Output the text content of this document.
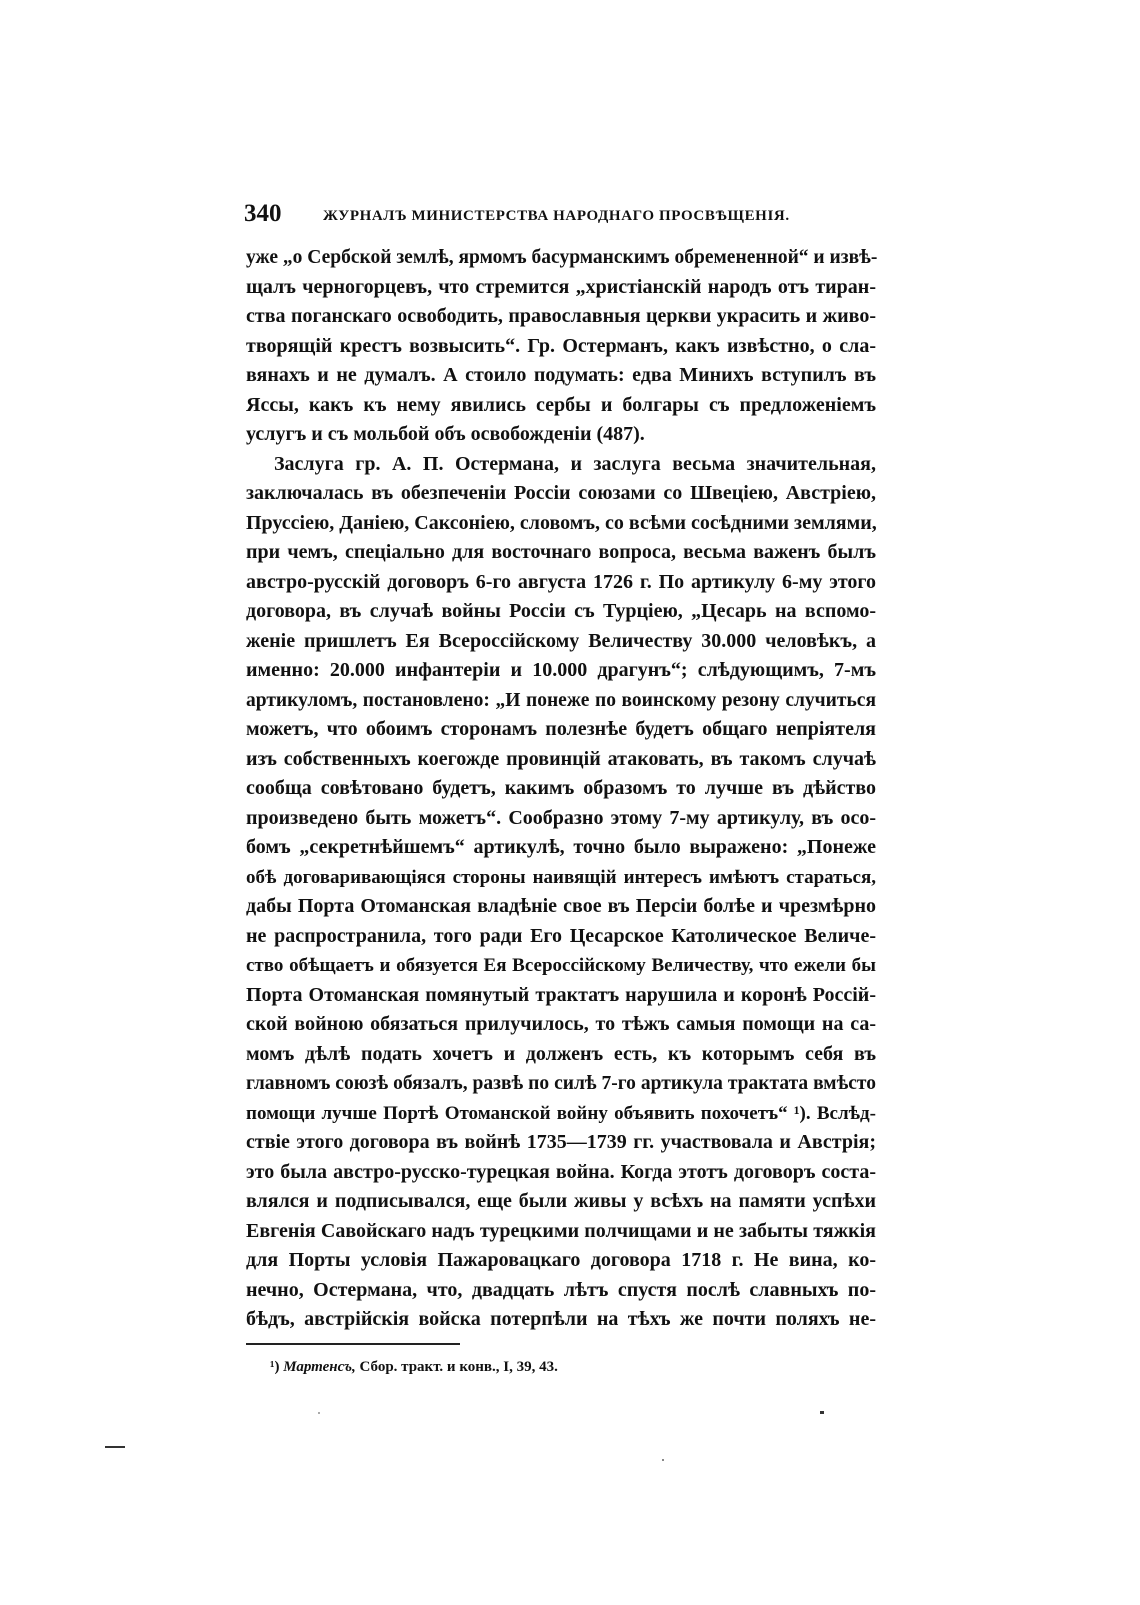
340	ЖУРНАЛЪ МИНИСТЕРСТВА НАРОДНАГО ПРОСВѢЩЕНІЯ.
уже „о Сербской землѣ, ярмомъ басурманскимъ обремененной“ и извѣ-
щалъ черногорцевъ, что стремится „христіанскій народъ отъ тиран-
ства поганскаго освободить, православныя церкви украсить и живо-
творящій крестъ возвысить“. Гр. Остерманъ, какъ извѣстно, о сла-
вянахъ и не думалъ. А стоило подумать: едва Минихъ вступилъ въ
Яссы, какъ къ нему явились сербы и болгары съ предложеніемъ
услугъ и съ мольбой объ освобожденіи (487).
Заслуга гр. А. П. Остермана, и заслуга весьма значительная,
заключалась въ обезпеченіи Россіи союзами со Швеціею, Австріею,
Пруссіею, Даніею, Саксоніею, словомъ, со всѣми сосѣдними землями,
при чемъ, спеціально для восточнаго вопроса, весьма важенъ былъ
австро-русскій договоръ 6-го августа 1726 г. По артикулу 6-му этого
договора, въ случаѣ войны Россіи съ Турціею, „Цесарь на вспомо-
женіе пришлетъ Ея Всероссійскому Величеству 30.000 человѣкъ, а
именно: 20.000 инфантеріи и 10.000 драгунъ“; слѣдующимъ, 7-мъ
артикуломъ, постановлено: „И понеже по воинскому резону случиться
можетъ, что обоимъ сторонамъ полезнѣе будетъ общаго непріятеля
изъ собственныхъ коегожде провинцій атаковать, въ такомъ случаѣ
сообща совѣтовано будетъ, какимъ образомъ то лучше въ дѣйство
произведено быть можетъ“. Сообразно этому 7-му артикулу, въ осо-
бомъ „секретнѣйшемъ“ артикулѣ, точно было выражено: „Понеже
обѣ договаривающіяся стороны наивящій интересъ имѣютъ стараться,
дабы Порта Отоманская владѣніе свое въ Персіи болѣе и чрезмѣрно
не распространила, того ради Его Цесарское Католическое Величе-
ство обѣщаетъ и обязуется Ея Всероссійскому Величеству, что ежели бы
Порта Отоманская помянутый трактатъ нарушила и коронѣ Россій-
ской войною обязаться прилучилось, то тѣжъ самыя помощи на са-
момъ дѣлѣ подать хочетъ и долженъ есть, къ которымъ себя въ
главномъ союзѣ обязалъ, развѣ по силѣ 7-го артикула трактата вмѣсто
помощи лучше Портѣ Отоманской войну объявить похочетъ“ ¹). Вслѣд-
ствіе этого договора въ войнѣ 1735—1739 гг. участвовала и Австрія;
это была австро-русско-турецкая война. Когда этотъ договоръ соста-
влялся и подписывался, еще были живы у всѣхъ на памяти успѣхи
Евгенія Савойскаго надъ турецкими полчищами и не забыты тяжкія
для Порты условія Пажаровацкаго договора 1718 г. Не вина, ко-
нечно, Остермана, что, двадцать лѣтъ спустя послѣ славныхъ по-
бѣдъ, австрійскія войска потерпѣли на тѣхъ же почти поляхъ не-
¹) Мартенсъ, Сбор. тракт. и конв., I, 39, 43.
